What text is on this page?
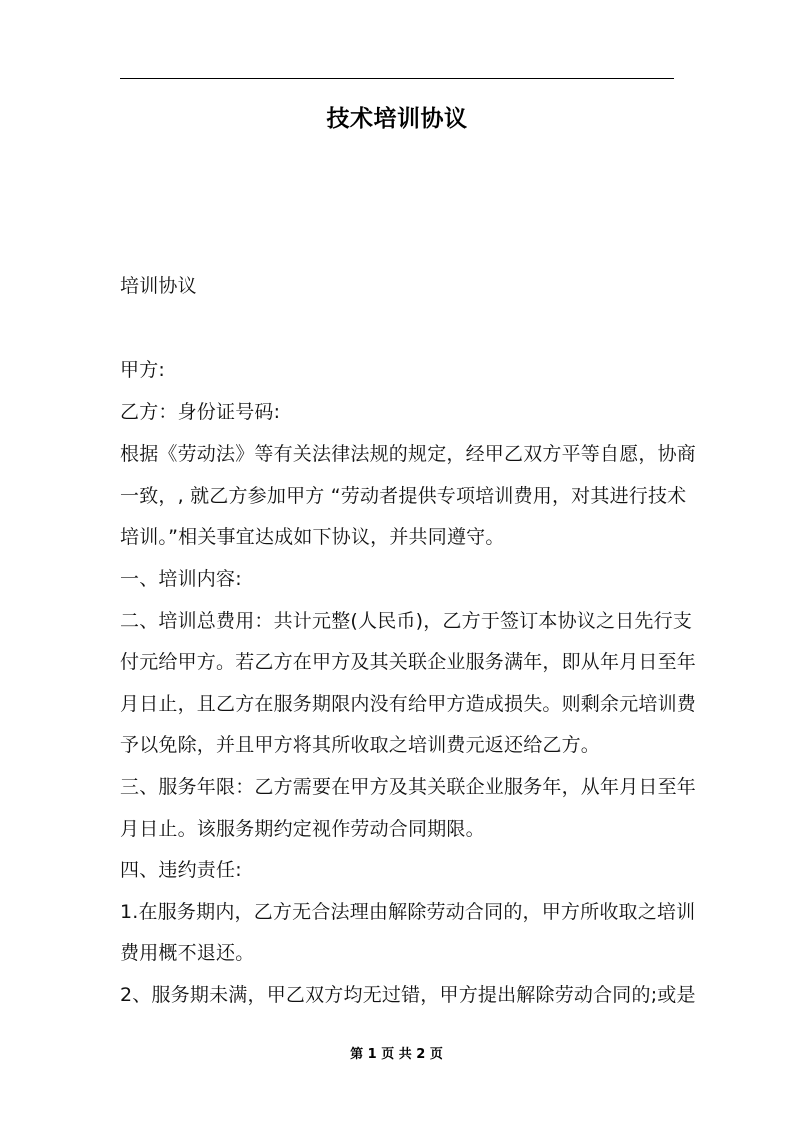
技术培训协议
培训协议
甲方:
乙方：身份证号码:
根据《劳动法》等有关法律法规的规定，经甲乙双方平等自愿，协商
一致，, 就乙方参加甲方 “劳动者提供专项培训费用，对其进行技术
培训。”相关事宜达成如下协议，并共同遵守。
一、培训内容:
二、培训总费用：共计元整(人民币)，乙方于签订本协议之日先行支
付元给甲方。若乙方在甲方及其关联企业服务满年，即从年月日至年
月日止，且乙方在服务期限内没有给甲方造成损失。则剩余元培训费
予以免除，并且甲方将其所收取之培训费元返还给乙方。
三、服务年限：乙方需要在甲方及其关联企业服务年，从年月日至年
月日止。该服务期约定视作劳动合同期限。
四、违约责任:
1.在服务期内，乙方无合法理由解除劳动合同的，甲方所收取之培训
费用概不退还。
2、服务期未满，甲乙双方均无过错，甲方提出解除劳动合同的;或是
第 1 页 共 2 页
